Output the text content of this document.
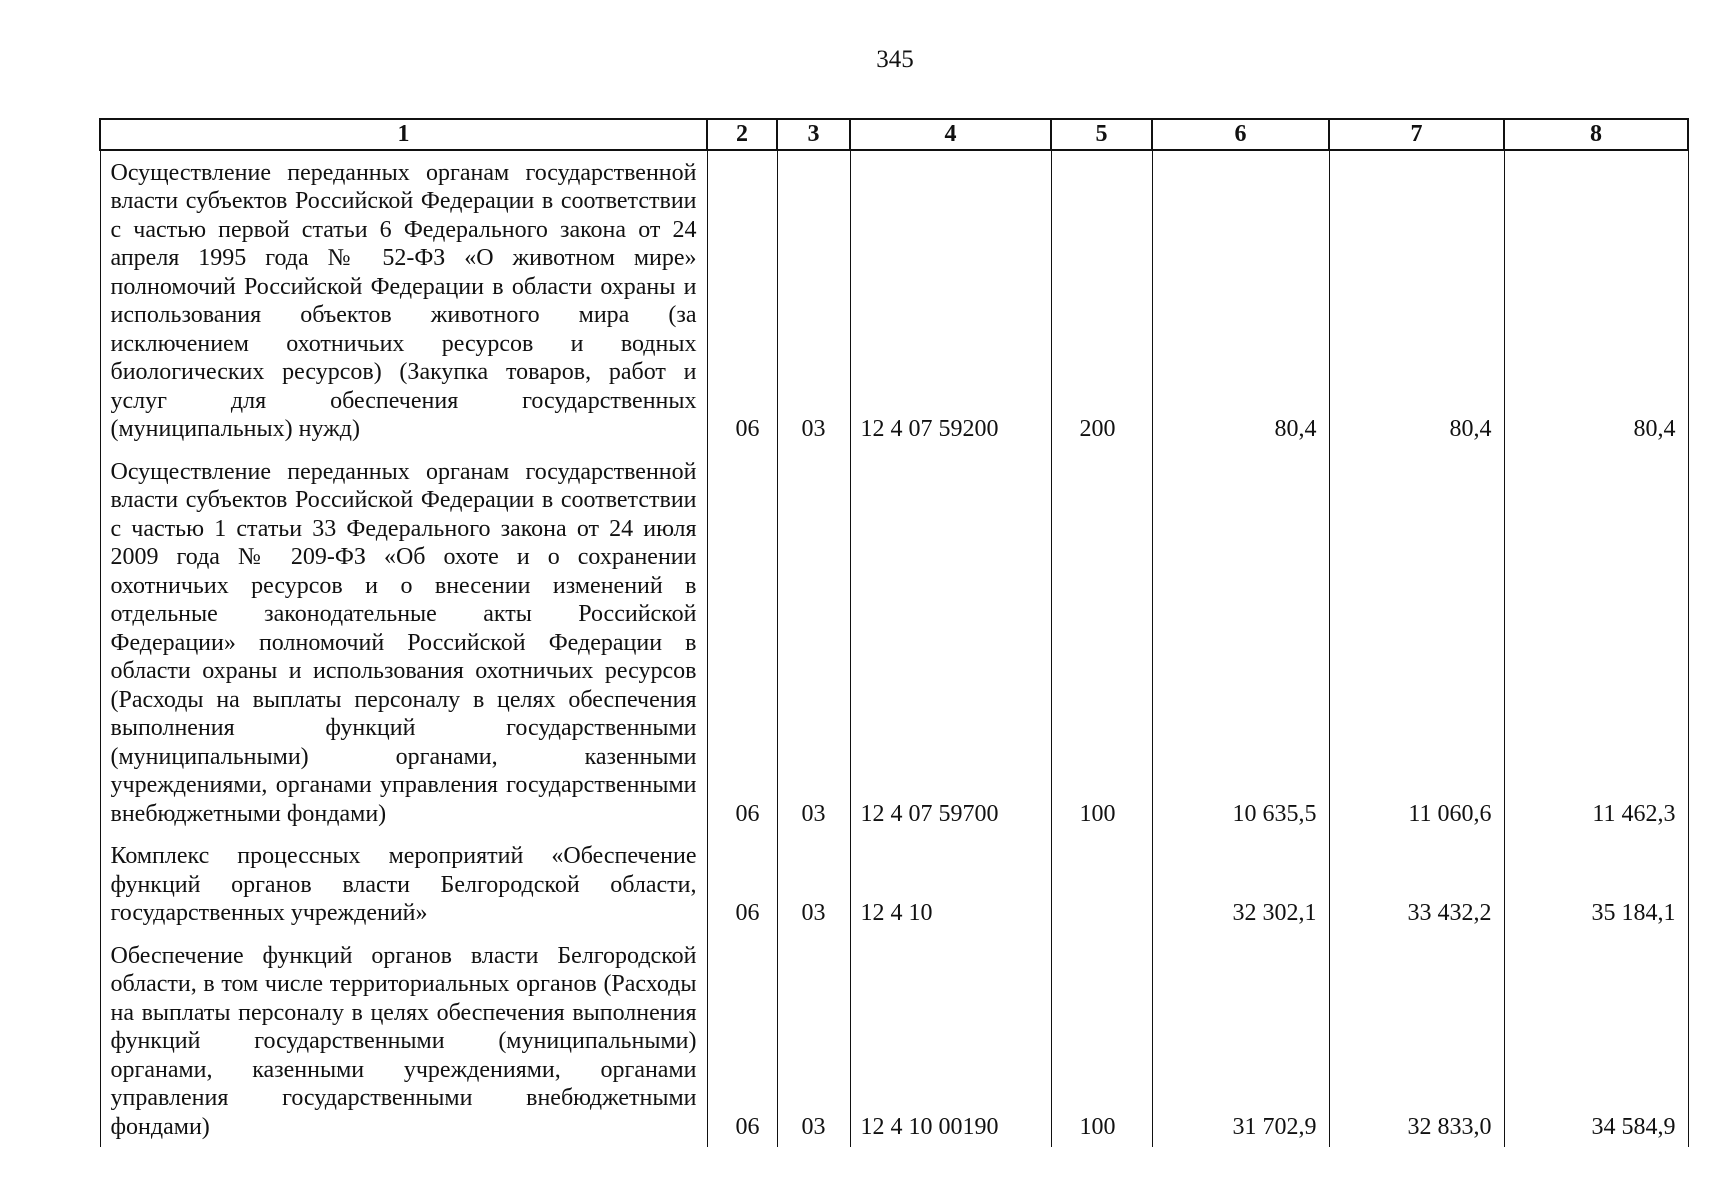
345
1	2	3	4	5	6	7	8
Осуществление переданных органам государственной власти субъектов Российской Федерации в соответствии с частью первой статьи 6 Федерального закона от 24 апреля 1995 года № 52-ФЗ «О животном мире» полномочий Российской Федерации в области охраны и использования объектов животного мира (за исключением охотничьих ресурсов и водных биологических ресурсов) (Закупка товаров, работ и услуг для обеспечения государственных (муниципальных) нужд)	06	03	12 4 07 59200	200	80,4	80,4	80,4
Осуществление переданных органам государственной власти субъектов Российской Федерации в соответствии с частью 1 статьи 33 Федерального закона от 24 июля 2009 года № 209-ФЗ «Об охоте и о сохранении охотничьих ресурсов и о внесении изменений в отдельные законодательные акты Российской Федерации» полномочий Российской Федерации в области охраны и использования охотничьих ресурсов (Расходы на выплаты персоналу в целях обеспечения выполнения функций государственными (муниципальными) органами, казенными учреждениями, органами управления государственными внебюджетными фондами)	06	03	12 4 07 59700	100	10 635,5	11 060,6	11 462,3
Комплекс процессных мероприятий «Обеспечение функций органов власти Белгородской области, государственных учреждений»	06	03	12 4 10		32 302,1	33 432,2	35 184,1
Обеспечение функций органов власти Белгородской области, в том числе территориальных органов (Расходы на выплаты персоналу в целях обеспечения выполнения функций государственными (муниципальными) органами, казенными учреждениями, органами управления государственными внебюджетными фондами)	06	03	12 4 10 00190	100	31 702,9	32 833,0	34 584,9
